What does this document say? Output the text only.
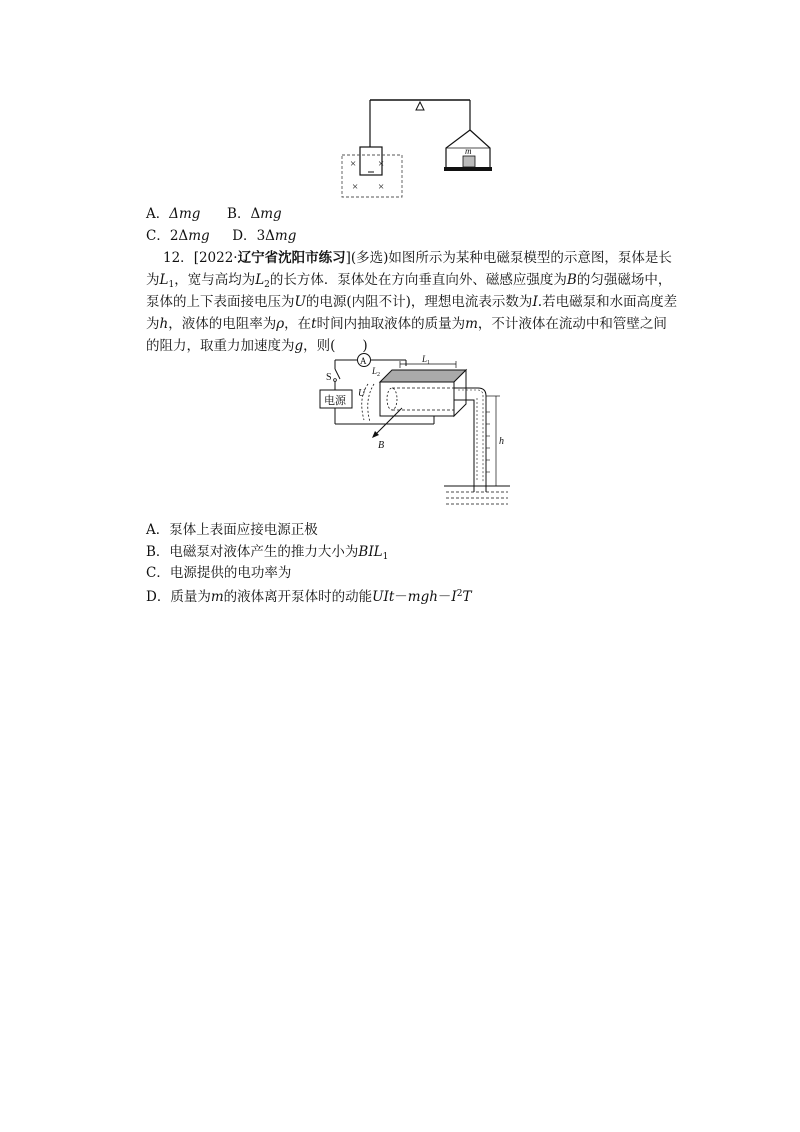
× ×
× ×
m
A．Δmg B．Δmg
C．2Δmg D．3Δmg
12．[2022·辽宁省沈阳市练习](多选)如图所示为某种电磁泵模型的示意图，泵体是长
为$L_1$，宽与高均为$L_2$的长方体．泵体处在方向垂直向外、磁感应强度为B的匀强磁场中，
泵体的上下表面接电压为U的电源(内阻不计)，理想电流表示数为I.若电磁泵和水面高度差
为h，液体的电阻率为ρ，在t时间内抽取液体的质量为m，不计液体在流动中和管壁之间
的阻力，取重力加速度为g，则(　　)
A
S
电源
$L_1$
$L_2$
U
B	h
A．泵体上表面应接电源正极
B．电磁泵对液体产生的推力大小为$BIL_1$
C．电源提供的电功率为
D．质量为m的液体离开泵体时的动能$UIt-mgh-I^2T$
